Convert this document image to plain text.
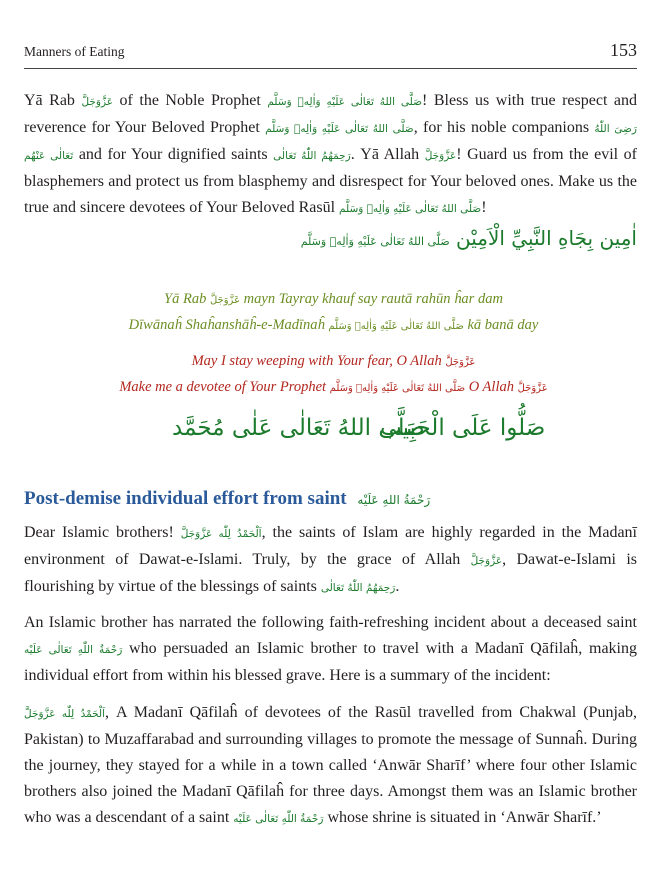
Manners of Eating	153

Yā Rab عَزَّوَجَلَّ of the Noble Prophet صَلَّى اللهُ تَعَالٰى عَلَيْهِ وَاٰلِهٖ وَسَلَّم! Bless us with true respect and reverence for Your Beloved Prophet صَلَّى اللهُ تَعَالٰى عَلَيْهِ وَاٰلِهٖ وَسَلَّم, for his noble companions رَضِىَ اللّٰهُ تَعَالٰى عَنْهُم and for Your dignified saints رَحِمَهُمُ اللّٰهُ تَعَالٰى. Yā Allah عَزَّوَجَلَّ! Guard us from the evil of blasphemers and protect us from blasphemy and disrespect for Your beloved ones. Make us the true and sincere devotees of Your Beloved Rasūl صَلَّى اللهُ تَعَالٰى عَلَيْهِ وَاٰلِهٖ وَسَلَّم!

اٰمِين بِجَاهِ النَّبِيِّ الْاَمِيْن صَلَّى اللهُ تَعَالٰى عَلَيْهِ وَاٰلِهٖ وَسَلَّم
Yā Rab عَزَّوَجَلَّ mayn Tayray khauf say rautā rahūn ĥar dam
Dīwānaĥ Shaĥanshāĥ-e-Madīnaĥ صَلَّى اللهُ تَعَالٰى عَلَيْهِ وَاٰلِهٖ وَسَلَّم kā banā day
May I stay weeping with Your fear, O Allah عَزَّوَجَلَّ
Make me a devotee of Your Prophet صَلَّى اللهُ تَعَالٰى عَلَيْهِ وَاٰلِهٖ وَسَلَّم O Allah عَزَّوَجَلَّ
صَلُّوا عَلَى الْحَبِيب
صَلَّى اللهُ تَعَالٰى عَلٰى مُحَمَّد
Post-demise individual effort from saint رَحْمَةُ اللهِ عَلَيْه

Dear Islamic brothers! اَلْحَمْدُ لِلّٰه عَزَّوَجَلَّ, the saints of Islam are highly regarded in the Madanī environment of Dawat-e-Islami. Truly, by the grace of Allah عَزَّوَجَلَّ, Dawat-e-Islami is flourishing by virtue of the blessings of saints رَحِمَهُمُ اللّٰهُ تَعَالٰى.

An Islamic brother has narrated the following faith-refreshing incident about a deceased saint رَحْمَةُ اللّٰهِ تَعَالٰى عَلَيْه who persuaded an Islamic brother to travel with a Madanī Qāfilaĥ, making individual effort from within his blessed grave. Here is a summary of the incident:

اَلْحَمْدُ لِلّٰه عَزَّوَجَلَّ, A Madanī Qāfilaĥ of devotees of the Rasūl travelled from Chakwal (Punjab, Pakistan) to Muzaffarabad and surrounding villages to promote the message of Sunnaĥ. During the journey, they stayed for a while in a town called ‘Anwār Sharīf’ where four other Islamic brothers also joined the Madanī Qāfilaĥ for three days. Amongst them was an Islamic brother who was a descendant of a saint رَحْمَةُ اللّٰهِ تَعَالٰى عَلَيْه whose shrine is situated in ‘Anwār Sharīf.’
